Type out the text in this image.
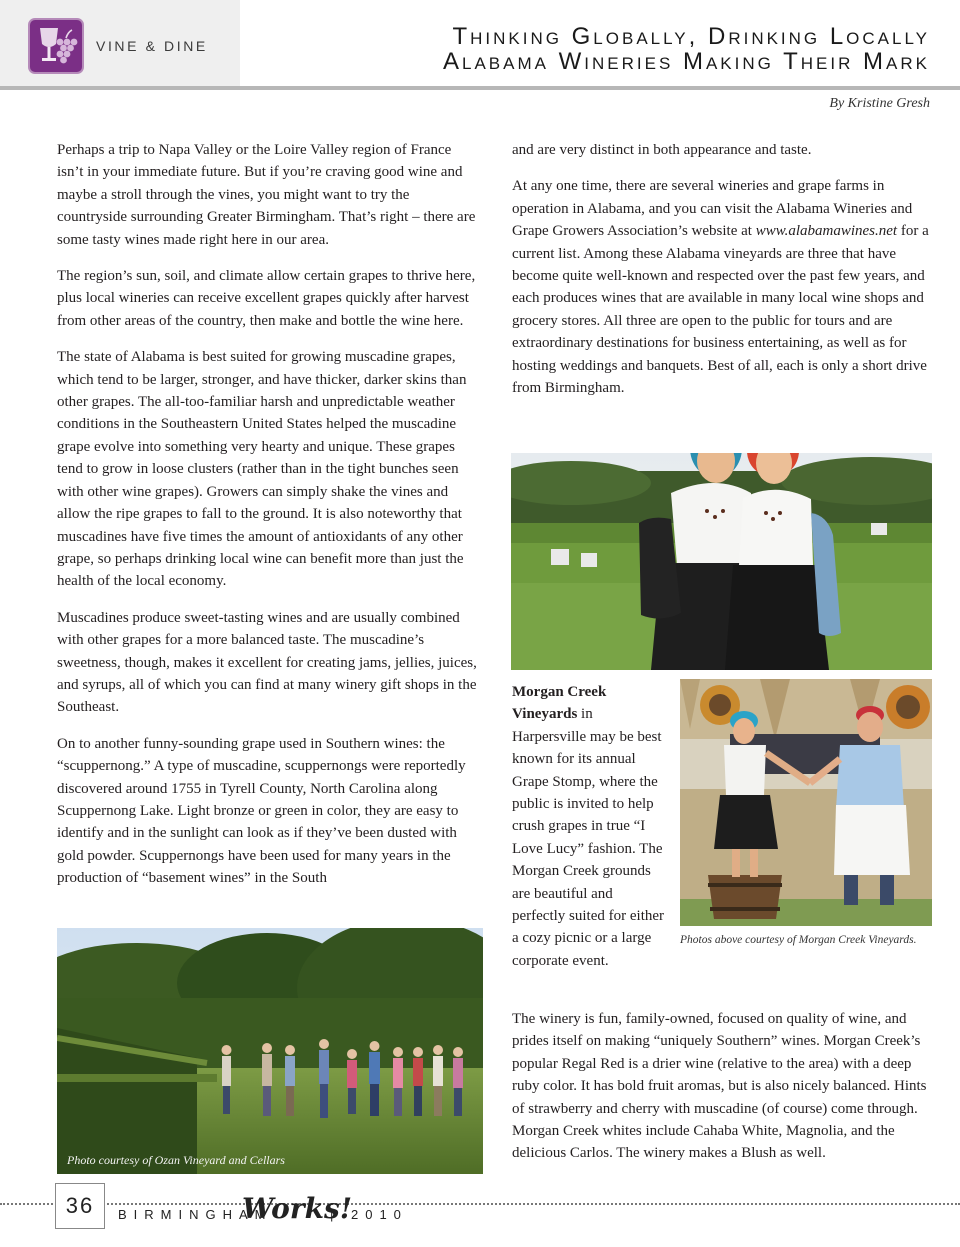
VINE & DINE	Thinking Globally, Drinking Locally
Alabama Wineries Making Their Mark
By Kristine Gresh

Perhaps a trip to Napa Valley or the Loire Valley region of France isn’t in your immediate future. But if you’re craving good wine and maybe a stroll through the vines, you might want to try the countryside surrounding Greater Birmingham. That’s right – there are some tasty wines made right here in our area.

The region’s sun, soil, and climate allow certain grapes to thrive here, plus local wineries can receive excellent grapes quickly after harvest from other areas of the country, then make and bottle the wine here.

The state of Alabama is best suited for growing muscadine grapes, which tend to be larger, stronger, and have thicker, darker skins than other grapes. The all-too-familiar harsh and unpredictable weather conditions in the Southeastern United States helped the muscadine grape evolve into something very hearty and unique. These grapes tend to grow in loose clusters (rather than in the tight bunches seen with other wine grapes). Growers can simply shake the vines and allow the ripe grapes to fall to the ground. It is also noteworthy that muscadines have five times the amount of antioxidants of any other grape, so perhaps drinking local wine can benefit more than just the health of the local economy.

Muscadines produce sweet-tasting wines and are usually combined with other grapes for a more balanced taste. The muscadine’s sweetness, though, makes it excellent for creating jams, jellies, juices, and syrups, all of which you can find at many winery gift shops in the Southeast.

On to another funny-sounding grape used in Southern wines: the “scuppernong.” A type of muscadine, scuppernongs were reportedly discovered around 1755 in Tyrell County, North Carolina along Scuppernong Lake. Light bronze or green in color, they are easy to identify and in the sunlight can look as if they’ve been dusted with gold powder. Scuppernongs have been used for many years in the production of “basement wines” in the South

Photo courtesy of Ozan Vineyard and Cellars

and are very distinct in both appearance and taste.

At any one time, there are several wineries and grape farms in operation in Alabama, and you can visit the Alabama Wineries and Grape Growers Association’s website at www.alabamawines.net for a current list. Among these Alabama vineyards are three that have become quite well-known and respected over the past few years, and each produces wines that are available in many local wine shops and grocery stores. All three are open to the public for tours and are extraordinary destinations for business entertaining, as well as for hosting weddings and banquets. Best of all, each is only a short drive from Birmingham.

Morgan Creek Vineyards in Harpersville may be best known for its annual Grape Stomp, where the public is invited to help crush grapes in true “I Love Lucy” fashion. The Morgan Creek grounds are beautiful and perfectly suited for either a cozy picnic or a large corporate event.
Photos above courtesy of Morgan Creek Vineyards.
The winery is fun, family-owned, focused on quality of wine, and prides itself on making “uniquely Southern” wines. Morgan Creek’s popular Regal Red is a drier wine (relative to the area) with a deep ruby color. It has bold fruit aromas, but is also nicely balanced. Hints of strawberry and cherry with muscadine (of course) come through. Morgan Creek whites include Cahaba White, Magnolia, and the delicious Carlos. The winery makes a Blush as well.
36	BIRMINGHAM
Works!
| 2010
